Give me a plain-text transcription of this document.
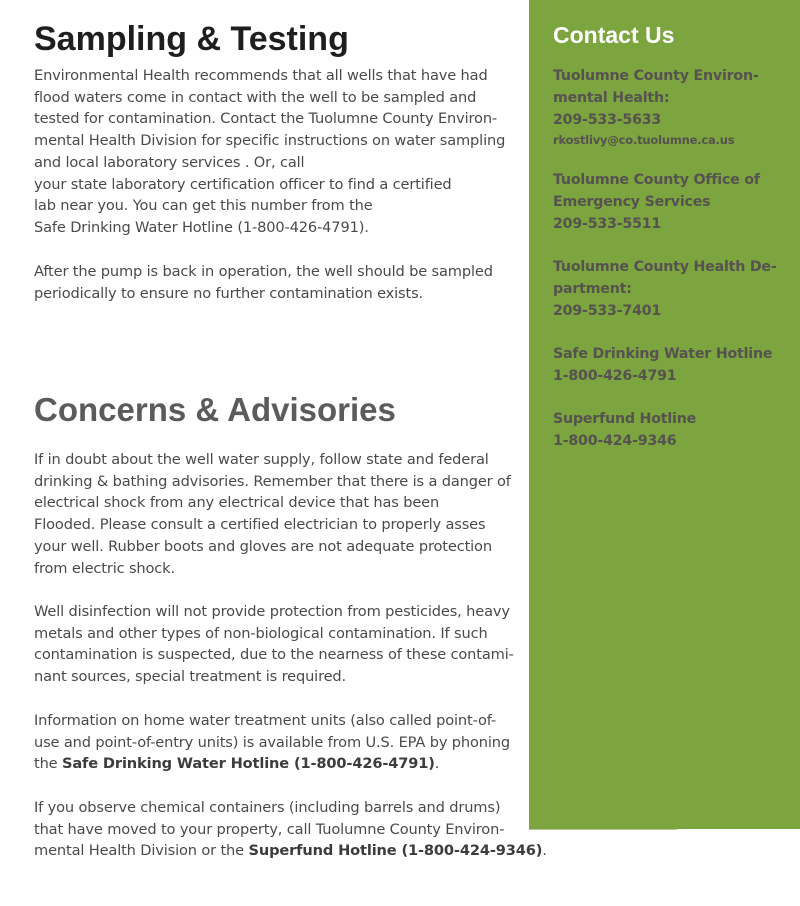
Sampling & Testing

Environmental Health recommends that all wells that have had
flood waters come in contact with the well to be sampled and
tested for contamination. Contact the Tuolumne County Environ-
mental Health Division for specific instructions on water sampling
and local laboratory services . Or, call
your state laboratory certification officer to find a certified
lab near you. You can get this number from the
Safe Drinking Water Hotline (1-800-426-4791).

After the pump is back in operation, the well should be sampled
periodically to ensure no further contamination exists.

Concerns & Advisories

If in doubt about the well water supply, follow state and federal
drinking & bathing advisories. Remember that there is a danger of
electrical shock from any electrical device that has been
Flooded. Please consult a certified electrician to properly asses
your well. Rubber boots and gloves are not adequate protection
from electric shock.

Well disinfection will not provide protection from pesticides, heavy
metals and other types of non-biological contamination. If such
contamination is suspected, due to the nearness of these contami-
nant sources, special treatment is required.

Information on home water treatment units (also called point-of-
use and point-of-entry units) is available from U.S. EPA by phoning
the Safe Drinking Water Hotline (1-800-426-4791).

If you observe chemical containers (including barrels and drums)
that have moved to your property, call Tuolumne County Environ-
mental Health Division or the Superfund Hotline (1-800-424-9346).

Contact Us
Tuolumne County Environ-
mental Health:
209-533-5633
rkostlivy@co.tuolumne.ca.us
Tuolumne County Office of
Emergency Services
209-533-5511
Tuolumne County Health De-
partment:
209-533-7401
Safe Drinking Water Hotline
1-800-426-4791
Superfund Hotline
1-800-424-9346
